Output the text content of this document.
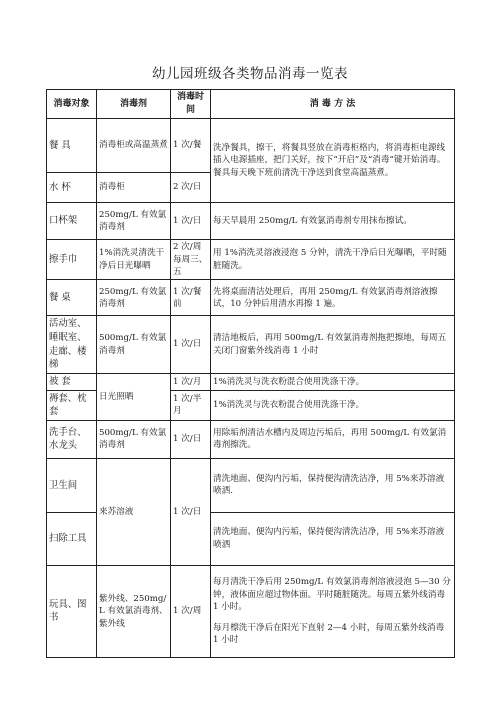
幼儿园班级各类物品消毒一览表
消毒对象	消毒剂	消毒时间	消 毒 方 法
餐 具	消毒柜或高温蒸煮	1 次/餐	洗净餐具，擦干，将餐具竖放在消毒柜格内，将消毒柜电源线插入电源插座，把门关好，按下“开启”及“消毒”键开始消毒。餐具每天晚下班前清洗干净送到食堂高温蒸煮。
水 杯	消毒柜	2 次/日	
口杯架	250mg/L 有效氯消毒剂	1 次/日	每天早晨用 250mg/L 有效氯消毒剂专用抹布擦试。
擦手巾	1%消洗灵清洗干净后日光曝晒	2 次/周 每周三、五	用 1%消洗灵溶液浸泡 5 分钟，清洗干净后日光曝晒，平时随脏随洗。
餐 桌	250mg/L 有效氯消毒剂	1 次/餐前	先将桌面清洁处理后，再用 250mg/L 有效氯消毒剂溶液擦试，10 分钟后用清水再擦 1 遍。
活动室、睡眠室、走廊、楼梯	500mg/L 有效氯消毒剂	1 次/日	清洁地板后，再用 500mg/L 有效氯消毒剂拖把擦地，每周五关闭门窗紫外线消毒 1 小时
被 套	日光照晒	1 次/月	1%消洗灵与洗衣粉混合使用洗涤干净。
褥套、枕套		1 次/半月	1%消洗灵与洗衣粉混合使用洗涤干净。
洗手台、水龙头	500mg/L 有效氯消毒剂	1 次/日	用除垢剂清洁水槽内及周边污垢后，再用 500mg/L 有效氯消毒剂擦洗。
卫生间	来苏溶液	1 次/日	清洗地面、便沟内污垢，保持便沟清洗洁净，用 5%来苏溶液喷洒.
扫除工具			清洗地面、便沟内污垢，保持便沟清洗洁净，用 5%来苏溶液喷洒
玩具、图书	紫外线、250mg/L 有效氯消毒剂、紫外线	1 次/周	每月清洗干净后用 250mg/L 有效氯消毒剂溶液浸泡 5—30 分钟，液体面应超过物体面。平时随脏随洗。每周五紫外线消毒 1 小时。
每月檫洗干净后在阳光下直射 2—4 小时，每周五紫外线消毒 1 小时
